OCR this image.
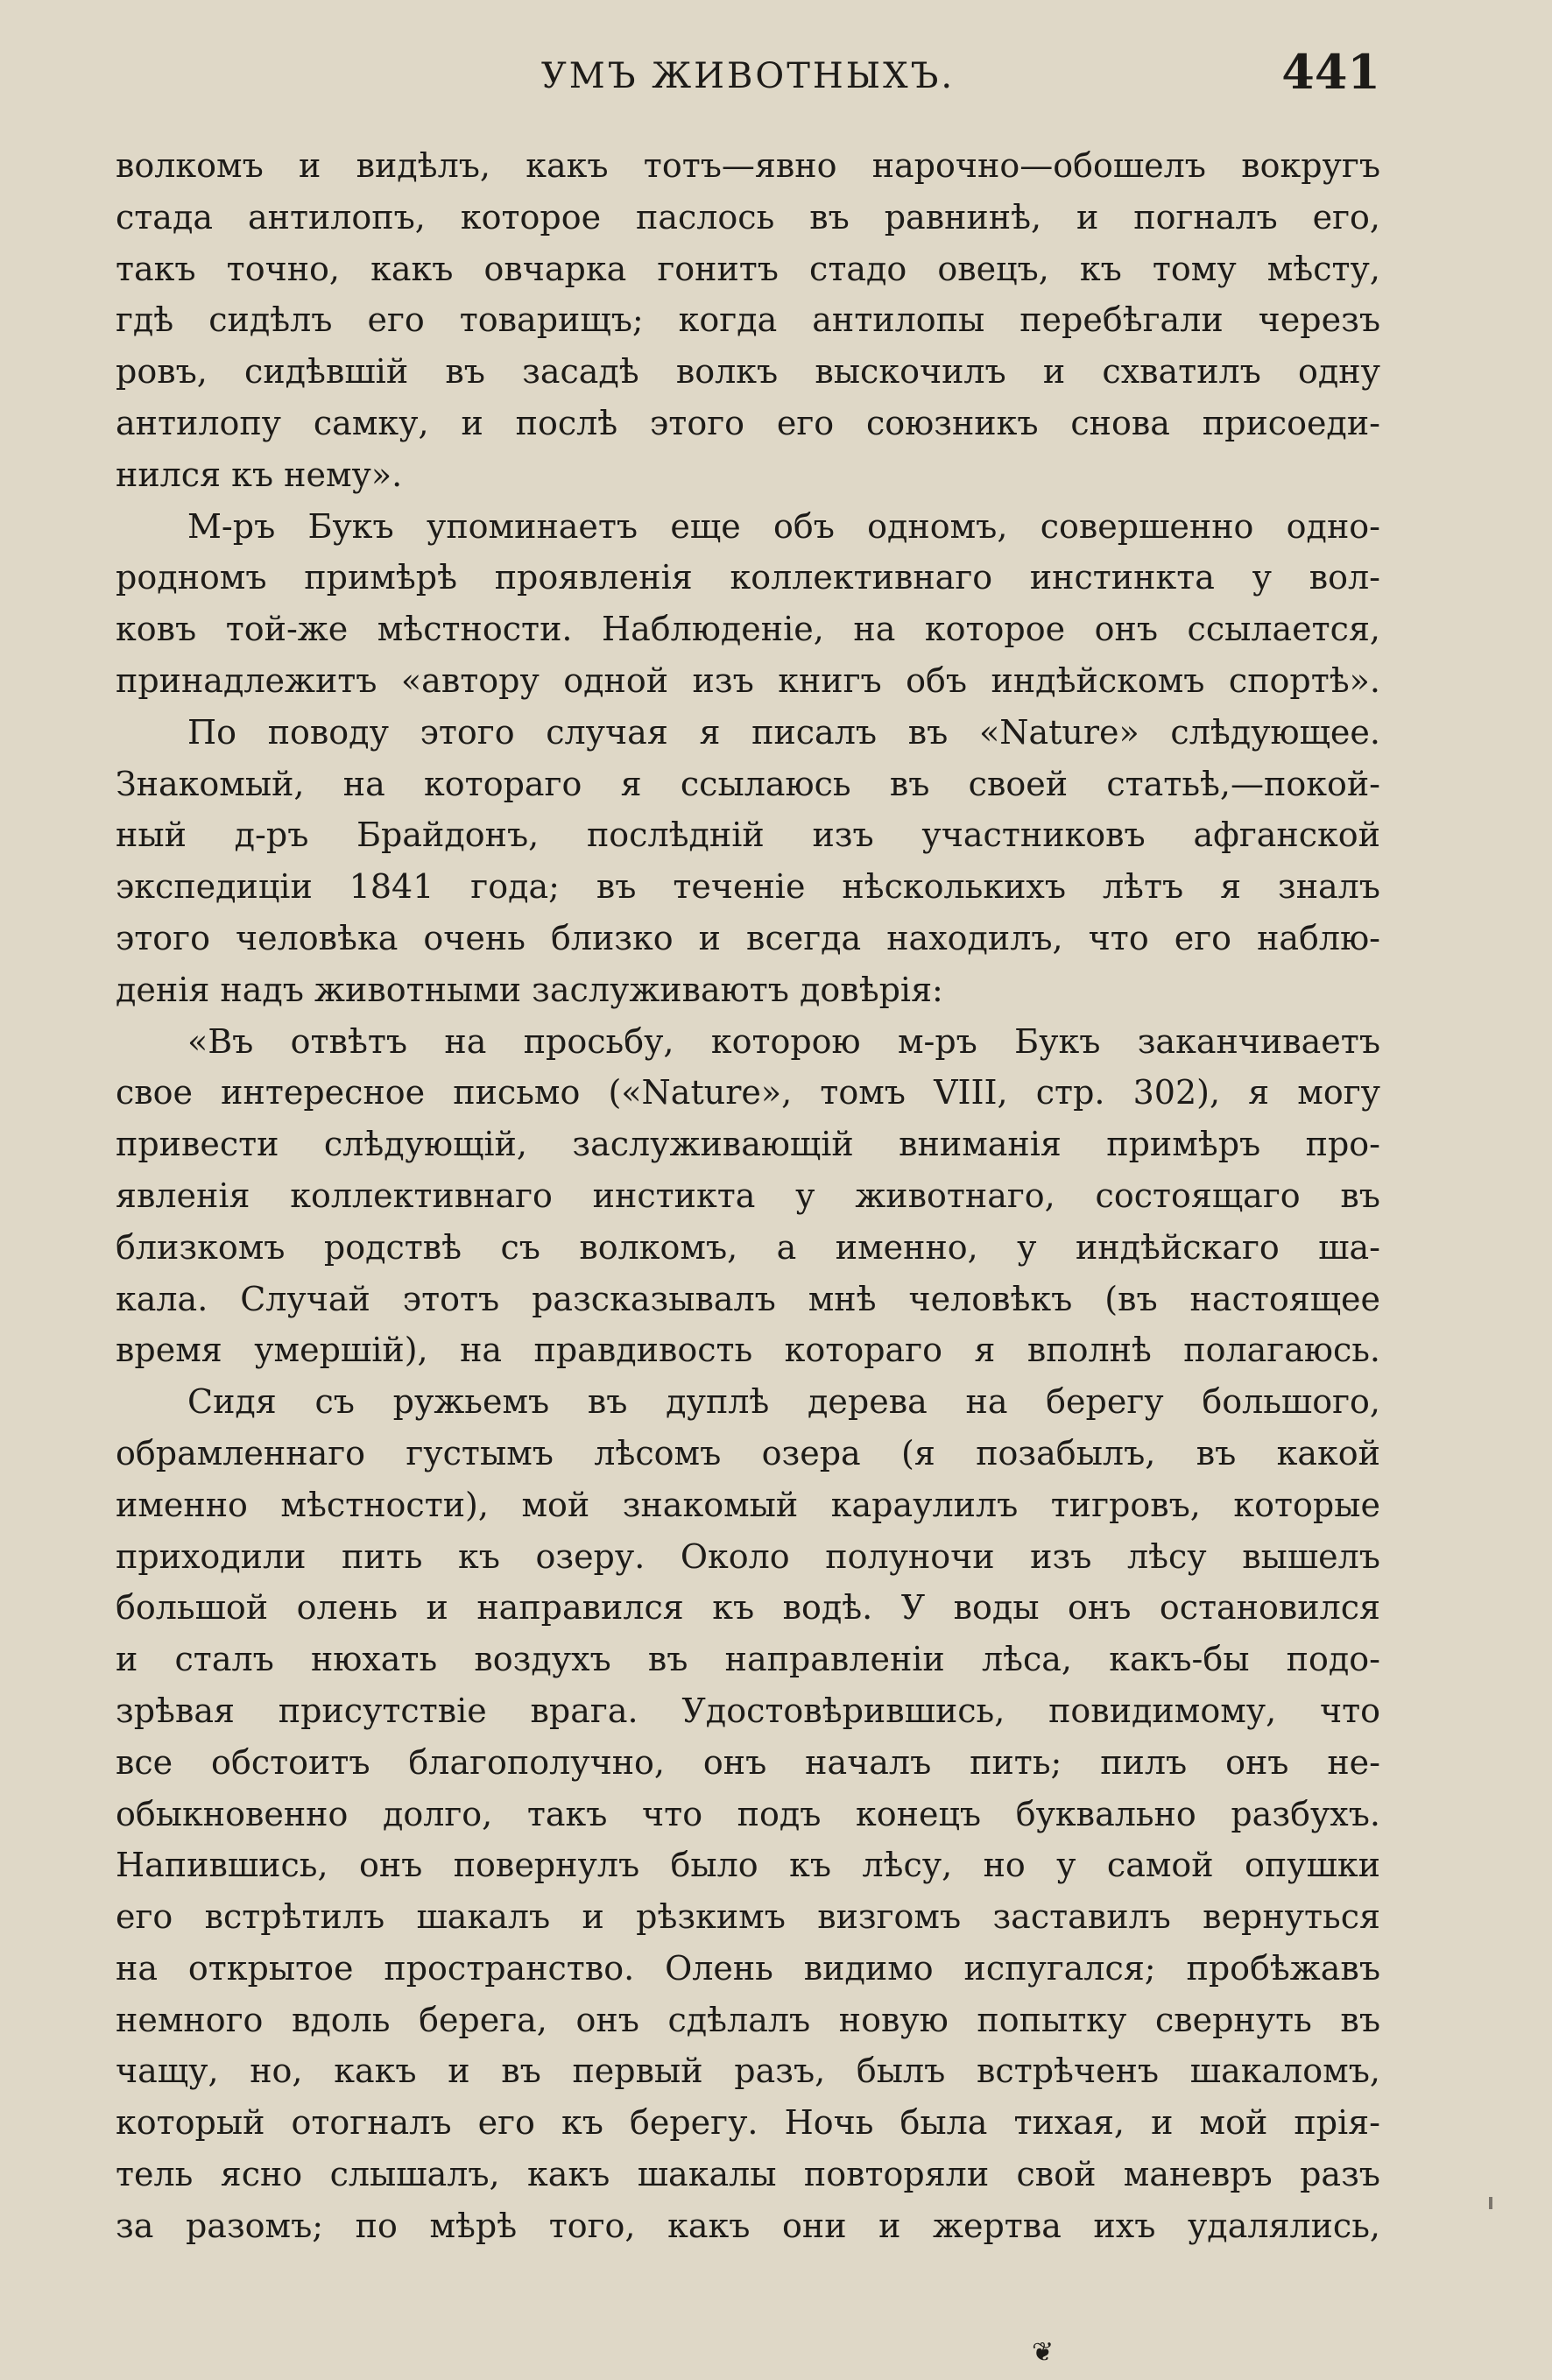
УМЪ ЖИВОТНЫХЪ.	441
волкомъ и видѣлъ, какъ тотъ—явно нарочно—обошелъ вокругъ
стада антилопъ, которое паслось въ равнинѣ, и погналъ его,
такъ точно, какъ овчарка гонитъ стадо овецъ, къ тому мѣсту,
гдѣ сидѣлъ его товарищъ; когда антилопы перебѣгали черезъ
ровъ, сидѣвшій въ засадѣ волкъ выскочилъ и схватилъ одну
антилопу самку, и послѣ этого его союзникъ снова присоеди-
нился къ нему».
М-ръ Букъ упоминаетъ еще объ одномъ, совершенно одно-
родномъ примѣрѣ проявленія коллективнаго инстинкта у вол-
ковъ той-же мѣстности. Наблюденіе, на которое онъ ссылается,
принадлежитъ «автору одной изъ книгъ объ индѣйскомъ спортѣ».
По поводу этого случая я писалъ въ «Nature» слѣдующее.
Знакомый, на котораго я ссылаюсь въ своей статьѣ,—покой-
ный д-ръ Брайдонъ, послѣдній изъ участниковъ афганской
экспедиціи 1841 года; въ теченіе нѣсколькихъ лѣтъ я зналъ
этого человѣка очень близко и всегда находилъ, что его наблю-
денія надъ животными заслуживаютъ довѣрія:
«Въ отвѣтъ на просьбу, которою м-ръ Букъ заканчиваетъ
свое интересное письмо («Nature», томъ VIII, стр. 302), я могу
привести слѣдующій, заслуживающій вниманія примѣръ про-
явленія коллективнаго инстикта у животнаго, состоящаго въ
близкомъ родствѣ съ волкомъ, а именно, у индѣйскаго ша-
кала. Случай этотъ разсказывалъ мнѣ человѣкъ (въ настоящее
время умершій), на правдивость котораго я вполнѣ полагаюсь.
Сидя съ ружьемъ въ дуплѣ дерева на берегу большого,
обрамленнаго густымъ лѣсомъ озера (я позабылъ, въ какой
именно мѣстности), мой знакомый караулилъ тигровъ, которые
приходили пить къ озеру. Около полуночи изъ лѣсу вышелъ
большой олень и направился къ водѣ. У воды онъ остановился
и сталъ нюхать воздухъ въ направленіи лѣса, какъ-бы подо-
зрѣвая присутствіе врага. Удостовѣрившись, повидимому, что
все обстоитъ благополучно, онъ началъ пить; пилъ онъ не-
обыкновенно долго, такъ что подъ конецъ буквально разбухъ.
Напившись, онъ повернулъ было къ лѣсу, но у самой опушки
его встрѣтилъ шакалъ и рѣзкимъ визгомъ заставилъ вернуться
на открытое пространство. Олень видимо испугался; пробѣжавъ
немного вдоль берега, онъ сдѣлалъ новую попытку свернуть въ
чащу, но, какъ и въ первый разъ, былъ встрѣченъ шакаломъ,
который отогналъ его къ берегу. Ночь была тихая, и мой прія-
тель ясно слышалъ, какъ шакалы повторяли свой маневръ разъ
за разомъ; по мѣрѣ того, какъ они и жертва ихъ удалялись,
❦
